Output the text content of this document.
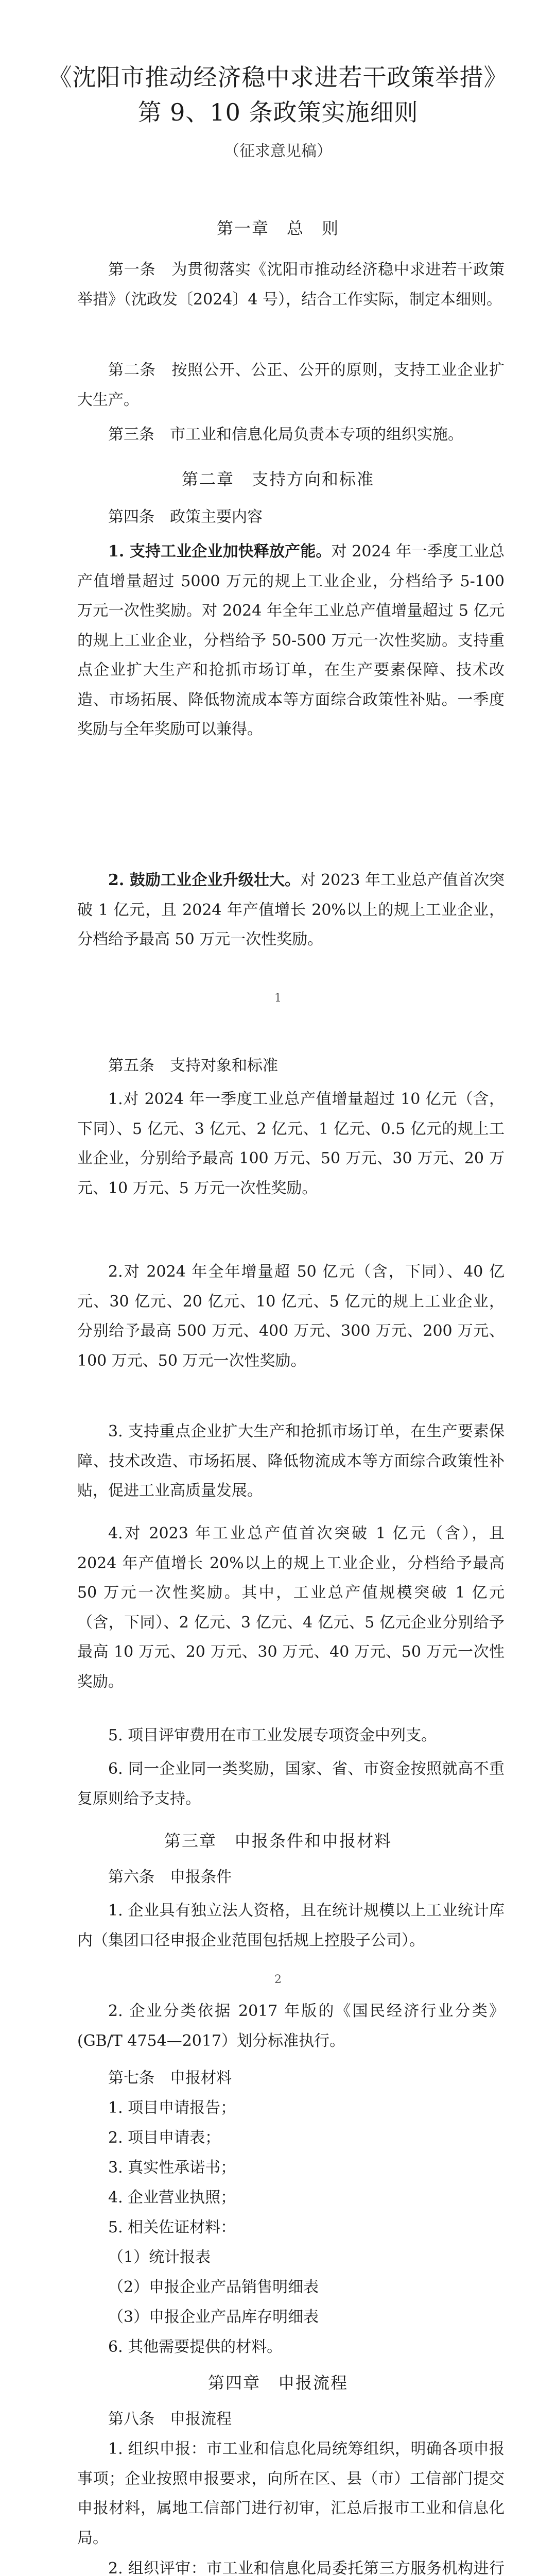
《沈阳市推动经济稳中求进若干政策举措》
第 9、10 条政策实施细则
（征求意见稿）
第一章　总　则

第一条　为贯彻落实《沈阳市推动经济稳中求进若干政策举措》（沈政发〔2024〕4 号），结合工作实际，制定本细则。

第二条　按照公开、公正、公开的原则，支持工业企业扩大生产。

第三条　市工业和信息化局负责本专项的组织实施。

第二章　支持方向和标准

第四条　政策主要内容

1. 支持工业企业加快释放产能。对 2024 年一季度工业总产值增量超过 5000 万元的规上工业企业，分档给予 5-100 万元一次性奖励。对 2024 年全年工业总产值增量超过 5 亿元的规上工业企业，分档给予 50-500 万元一次性奖励。支持重点企业扩大生产和抢抓市场订单，在生产要素保障、技术改造、市场拓展、降低物流成本等方面综合政策性补贴。一季度奖励与全年奖励可以兼得。

2. 鼓励工业企业升级壮大。对 2023 年工业总产值首次突破 1 亿元，且 2024 年产值增长 20%以上的规上工业企业，分档给予最高 50 万元一次性奖励。

1

第五条　支持对象和标准

1.对 2024 年一季度工业总产值增量超过 10 亿元（含，下同）、5 亿元、3 亿元、2 亿元、1 亿元、0.5 亿元的规上工业企业，分别给予最高 100 万元、50 万元、30 万元、20 万元、10 万元、5 万元一次性奖励。

2.对 2024 年全年增量超 50 亿元（含，下同）、40 亿元、30 亿元、20 亿元、10 亿元、5 亿元的规上工业企业，分别给予最高 500 万元、400 万元、300 万元、200 万元、100 万元、50 万元一次性奖励。

3. 支持重点企业扩大生产和抢抓市场订单，在生产要素保障、技术改造、市场拓展、降低物流成本等方面综合政策性补贴，促进工业高质量发展。

4.对 2023 年工业总产值首次突破 1 亿元（含），且 2024 年产值增长 20%以上的规上工业企业，分档给予最高 50 万元一次性奖励。其中，工业总产值规模突破 1 亿元（含，下同）、2 亿元、3 亿元、4 亿元、5 亿元企业分别给予最高 10 万元、20 万元、30 万元、40 万元、50 万元一次性奖励。

5. 项目评审费用在市工业发展专项资金中列支。

6. 同一企业同一类奖励，国家、省、市资金按照就高不重复原则给予支持。

第三章　申报条件和申报材料

第六条　申报条件

1. 企业具有独立法人资格，且在统计规模以上工业统计库内（集团口径申报企业范围包括规上控股子公司）。

2

2. 企业分类依据 2017 年版的《国民经济行业分类》(GB/T 4754—2017）划分标准执行。

第七条　申报材料

1. 项目申请报告；

2. 项目申请表；

3. 真实性承诺书；

4. 企业营业执照；

5. 相关佐证材料：

（1）统计报表

（2）申报企业产品销售明细表

（3）申报企业产品库存明细表

6. 其他需要提供的材料。

第四章　申报流程

第八条　申报流程

1. 组织申报：市工业和信息化局统筹组织，明确各项申报事项；企业按照申报要求，向所在区、县（市）工信部门提交申报材料，属地工信部门进行初审，汇总后报市工业和信息化局。

2. 组织评审：市工业和信息化局委托第三方服务机构进行
